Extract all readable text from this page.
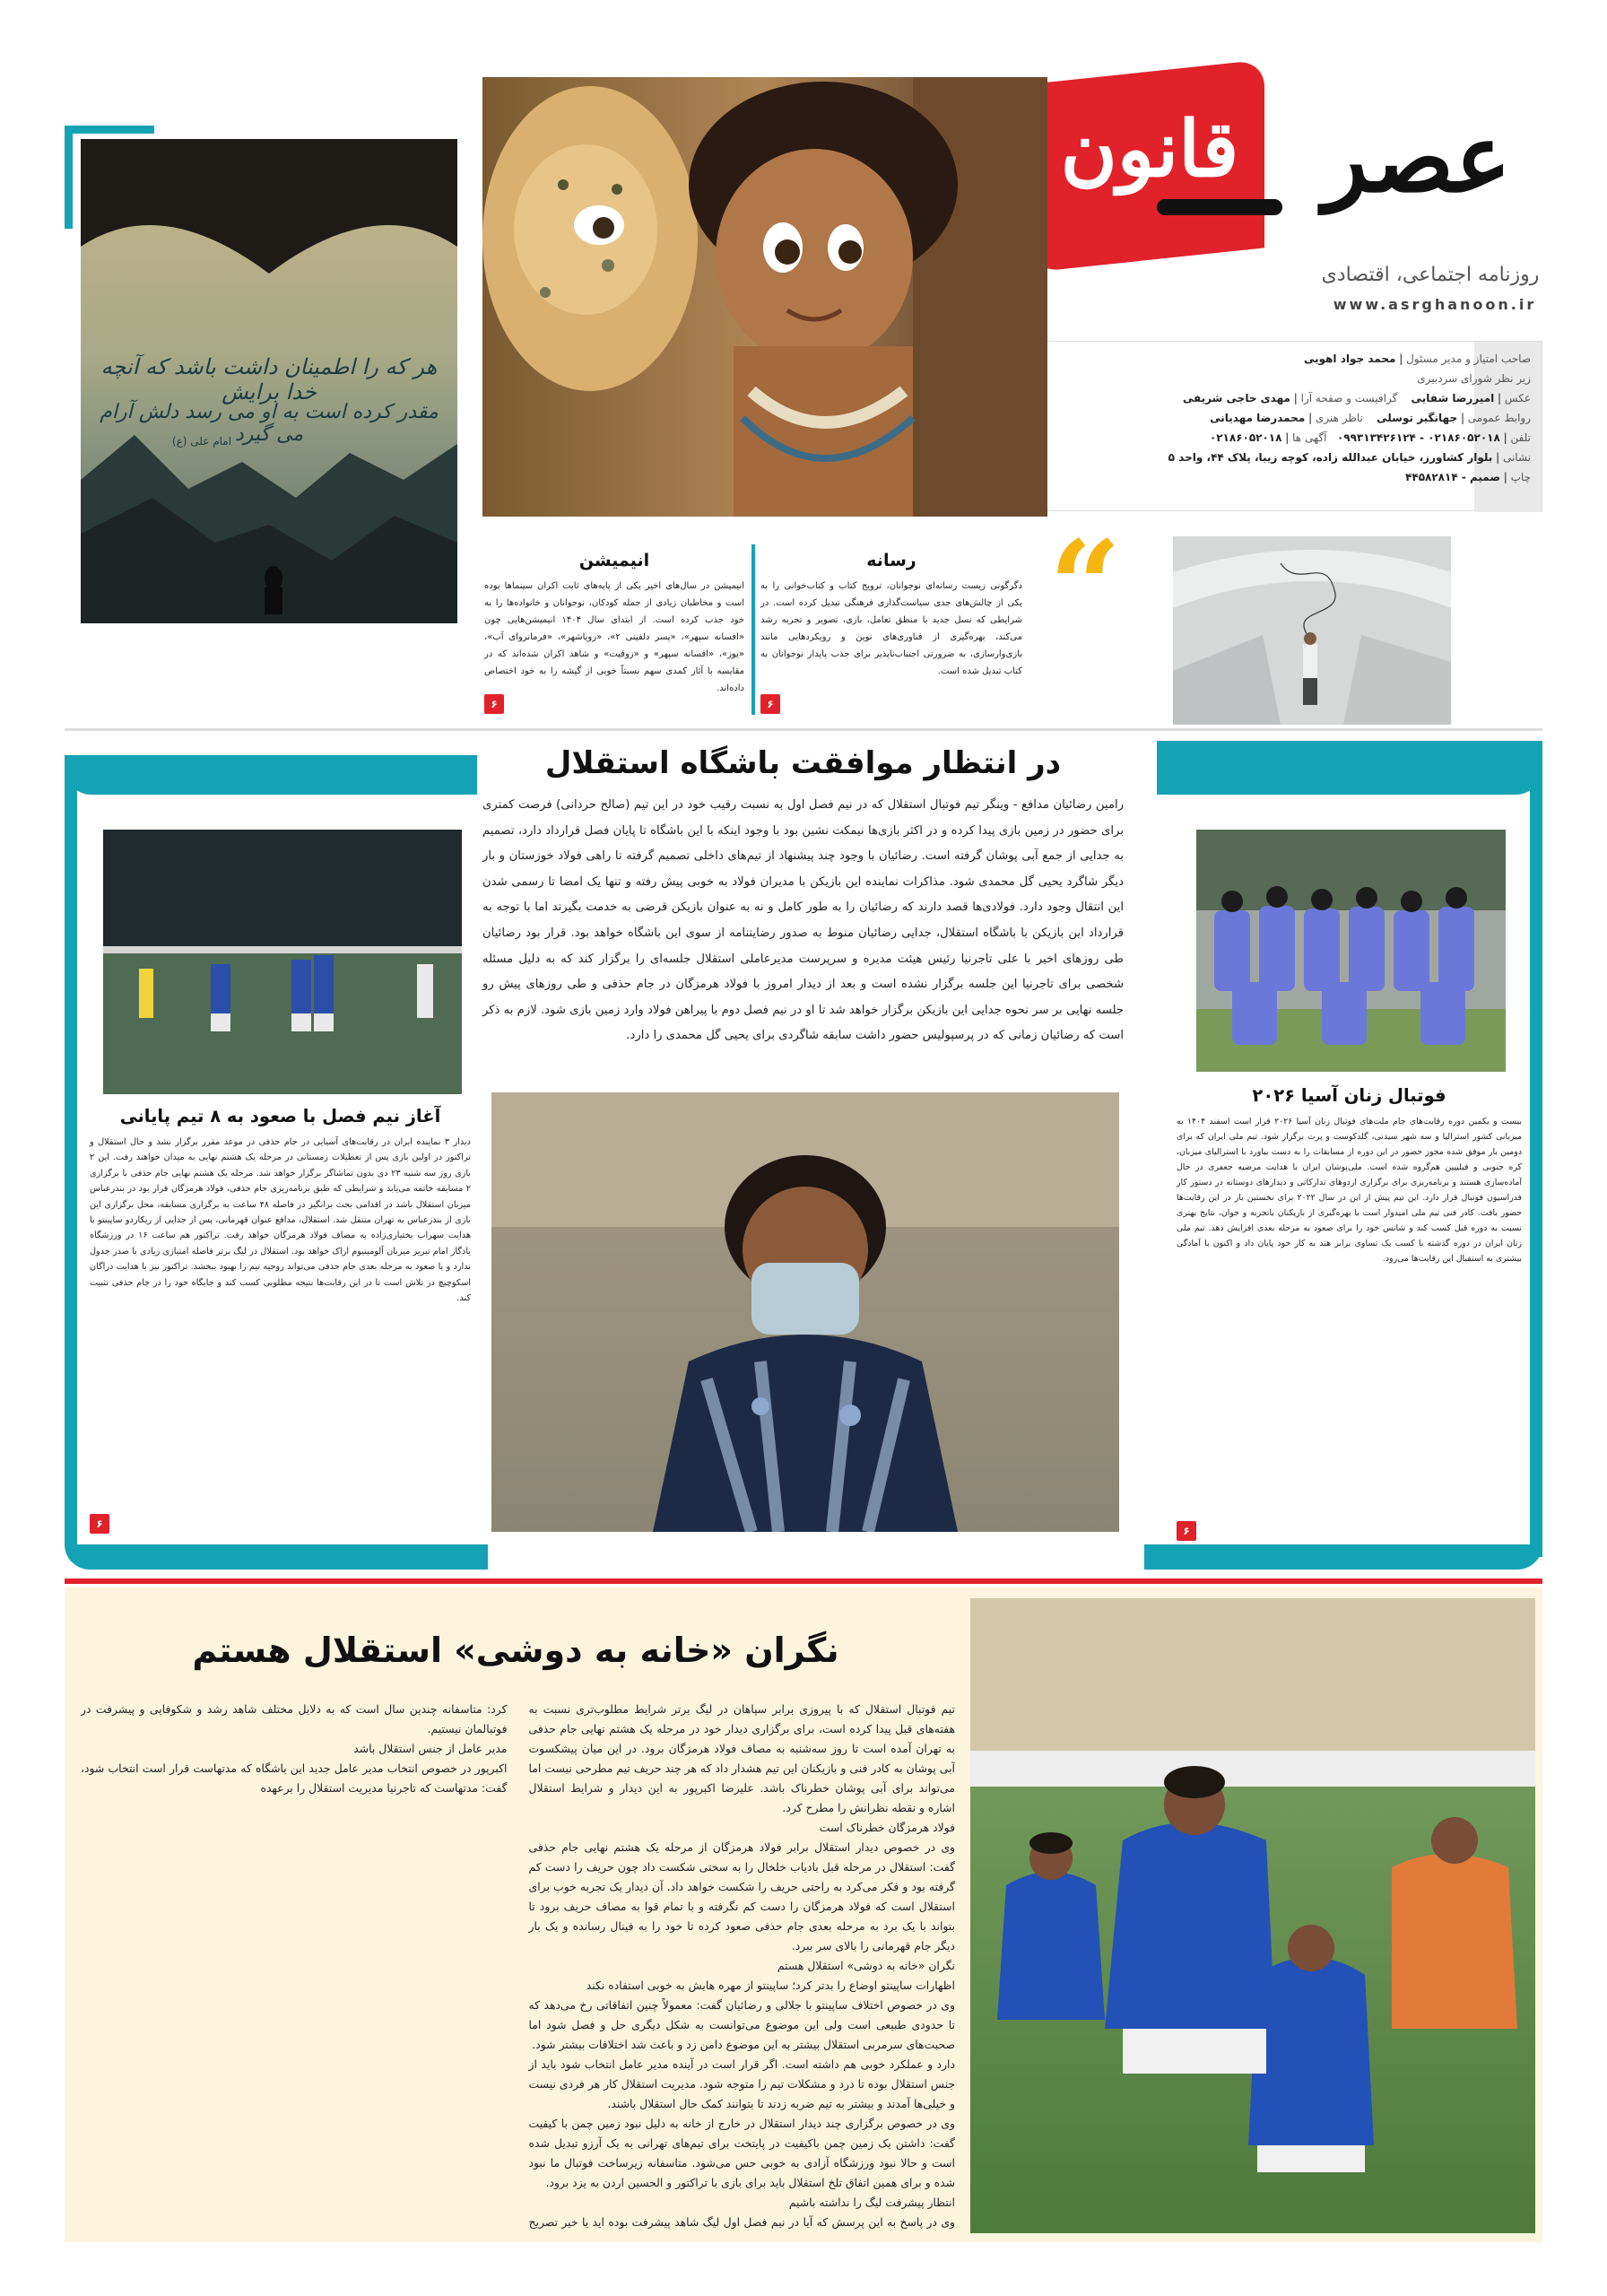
قانون عصر
روزنامه اجتماعی، اقتصادی
www.asrghanoon.ir
صاحب امتیاز و مدیر مسئول | محمد جواد اهویی
زیر نظر شورای سردبیری
عکس | امیررضا شفایی    گرافیست و صفحه آرا | مهدی حاجی شریفی
روابط عمومی | جهانگیر توسلی    ناظر هنری | محمدرضا مهدیانی
تلفن | ۰۲۱۸۶۰۵۲۰۱۸ - ۰۹۹۳۱۳۴۲۶۱۲۴   آگهی ها | ۰۲۱۸۶۰۵۲۰۱۸
نشانی | بلوار کشاورز، خیابان عبدالله زاده، کوچه زیبا، پلاک ۴۴، واحد ۵
چاپ | صمیم - ۴۴۵۸۲۸۱۴
هر که را اطمینان داشت باشد که آنچه خدا برایش
مقدر کرده است به او می رسد دلش آرام می گیرد
امام علی (ع)
“
رسانه
دگرگونی زیست رسانه‌ای نوجوانان، ترویج کتاب و کتاب‌خوانی را به یکی از چالش‌های جدی سیاست‌گذاری فرهنگی تبدیل کرده است. در شرایطی که نسل جدید با منطق تعامل، بازی، تصویر و تجربه رشد می‌کند، بهره‌گیری از فناوری‌های نوین و رویکردهایی مانند بازی‌وارسازی، به ضرورتی اجتناب‌ناپذیر برای جذب پایدار نوجوانان به کتاب تبدیل شده است.
۶
انیمیشن
انیمیشن در سال‌های اخیر یکی از پایه‌های ثابت اکران سینماها بوده است و مخاطبان زیادی از جمله کودکان، نوجوانان و خانواده‌ها را به خود جذب کرده است. از ابتدای سال ۱۴۰۴ انیمیشن‌هایی چون «افسانه سپهر»، «پسر دلفینی ۲»، «رویاشهر»، «فرمانروای آب»، «یوز»، «افسانه سپهر» و «زوفیت» و شاهد اکران شده‌اند که در مقایسه با آثار کمدی سهم نسبتاً خوبی از گیشه را به خود اختصاص داده‌اند.
۶
در انتظار موافقت باشگاه استقلال
رامین رضائیان مدافع - وینگر تیم فوتبال استقلال که در نیم فصل اول به نسبت رقیب خود در این تیم (صالح حردانی) فرصت کمتری برای حضور در زمین بازی پیدا کرده و در اکثر بازی‌ها نیمکت نشین بود با وجود اینکه با این باشگاه تا پایان فصل قرارداد دارد، تصمیم به جدایی از جمع آبی پوشان گرفته است. رضائیان با وجود چند پیشنهاد از تیم‌های داخلی تصمیم گرفته تا راهی فولاد خوزستان و بار دیگر شاگرد یحیی گل محمدی شود. مذاکرات نماینده این بازیکن با مدیران فولاد به خوبی پیش رفته و تنها یک امضا تا رسمی شدن این انتقال وجود دارد. فولادی‌ها قصد دارند که رضائیان را به طور کامل و نه به عنوان بازیکن قرضی به خدمت بگیرند اما با توجه به قرارداد این بازیکن با باشگاه استقلال، جدایی رضائیان منوط به صدور رضایتنامه از سوی این باشگاه خواهد بود. قرار بود رضائیان طی روزهای اخیر با علی تاجرنیا رئیس هیئت مدیره و سرپرست مدیرعاملی استقلال جلسه‌ای را برگزار کند که به دلیل مسئله شخصی برای تاجرنیا این جلسه برگزار نشده است و بعد از دیدار امروز با فولاد هرمزگان در جام حذفی و طی روزهای پیش رو جلسه نهایی بر سر نحوه جدایی این بازیکن برگزار خواهد شد تا او در نیم فصل دوم با پیراهن فولاد وارد زمین بازی شود. لازم به ذکر است که رضائیان زمانی که در پرسپولیس حضور داشت سابقه شاگردی برای یحیی گل محمدی را دارد.
آغاز نیم فصل با صعود به ۸ تیم پایانی
دیدار ۳ نماینده ایران در رقابت‌های آسیایی در جام حذفی در موعد مقرر برگزار نشد و حال استقلال و تراکتور در اولین بازی پس از تعطیلات زمستانی در مرحله یک هشتم نهایی به میدان خواهند رفت. این ۲ بازی روز سه شنبه ۲۳ دی بدون تماشاگر برگزار خواهد شد. مرحله یک هشتم نهایی جام حذفی با برگزاری ۲ مسابقه خاتمه می‌یابد و شرایطی که طبق برنامه‌ریزی جام حذفی، فولاد هرمزگان قرار بود در بندرعباس میزبان استقلال باشد در اقدامی بحث برانگیز در فاصله ۴۸ ساعت به برگزاری مسابقه، محل برگزاری این بازی از بندرعباس به تهران منتقل شد. استقلال، مدافع عنوان قهرمانی، پس از جدایی از ریکاردو ساپینتو با هدایت سهراب بختیاری‌زاده به مصاف فولاد هرمزگان خواهد رفت. تراکتور هم ساعت ۱۶ در ورزشگاه یادگار امام تبریز میزبان آلومینیوم اراک خواهد بود. استقلال در لیگ برتر فاصله امتیازی زیادی با صدر جدول ندارد و با صعود به مرحله بعدی جام حذفی می‌تواند روحیه تیم را بهبود ببخشد. تراکتور نیز با هدایت دراگان اسکوچیچ در تلاش است تا در این رقابت‌ها نتیجه مطلوبی کسب کند و جایگاه خود را در جام حذفی تثبیت کند.
۶
فوتبال زنان آسیا ۲۰۲۶
بیست و یکمین دوره رقابت‌های جام ملت‌های فوتبال زنان آسیا ۲۰۲۶ قرار است اسفند ۱۴۰۴ به میزبانی کشور استرالیا و سه شهر سیدنی، گلدکوست و پرت برگزار شود. تیم ملی ایران که برای دومین بار موفق شده مجوز حضور در این دوره از مسابقات را به دست بیاورد با استرالیای میزبان، کره جنوبی و فیلیپین هم‌گروه شده است. ملی‌پوشان ایران با هدایت مرضیه جعفری در حال آماده‌سازی هستند و برنامه‌ریزی برای برگزاری اردوهای تدارکاتی و دیدارهای دوستانه در دستور کار فدراسیون فوتبال قرار دارد. این تیم پیش از این در سال ۲۰۲۲ برای نخستین بار در این رقابت‌ها حضور یافت. کادر فنی تیم ملی امیدوار است با بهره‌گیری از بازیکنان باتجربه و جوان، نتایج بهتری نسبت به دوره قبل کسب کند و شانس خود را برای صعود به مرحله بعدی افزایش دهد. تیم ملی زنان ایران در دوره گذشته با کسب یک تساوی برابر هند به کار خود پایان داد و اکنون با آمادگی بیشتری به استقبال این رقابت‌ها می‌رود.
۶
نگران «خانه به دوشی» استقلال هستم
تیم فوتبال استقلال که با پیروزی برابر سپاهان در لیگ برتر شرایط مطلوب‌تری نسبت به هفته‌های قبل پیدا کرده است، برای برگزاری دیدار خود در مرحله یک هشتم نهایی جام حذفی به تهران آمده است تا روز سه‌شنبه به مصاف فولاد هرمزگان برود. در این میان پیشکسوت آبی پوشان به کادر فنی و بازیکنان این تیم هشدار داد که هر چند حریف تیم مطرحی نیست اما می‌تواند برای آبی پوشان خطرناک باشد. علیرضا اکبرپور به این دیدار و شرایط استقلال اشاره و نقطه نظرانش را مطرح کرد.
فولاد هرمزگان خطرناک است
وی در خصوص دیدار استقلال برابر فولاد هرمزگان از مرحله یک هشتم نهایی جام حذفی گفت: استقلال در مرحله قبل بادیاب خلخال را به سختی شکست داد چون حریف را دست کم گرفته بود و فکر می‌کرد به راحتی حریف را شکست خواهد داد. آن دیدار یک تجربه خوب برای استقلال است که فولاد هرمزگان را دست کم نگرفته و با تمام قوا به مصاف حریف برود تا بتواند با یک برد به مرحله بعدی جام حذفی صعود کرده تا خود را به فینال رسانده و یک بار دیگر جام قهرمانی را بالای سر ببرد.
نگران «خانه به دوشی» استقلال هستم
اظهارات ساپینتو اوضاع را بدتر کرد؛ ساپینتو از مهره هایش به خوبی استفاده نکند
وی در خصوص اختلاف ساپینتو با جلالی و رضائیان گفت: معمولاً چنین اتفاقاتی رخ می‌دهد که تا حدودی طبیعی است ولی این موضوع می‌توانست به شکل دیگری حل و فصل شود اما صحبت‌های سرمربی استقلال بیشتر به این موضوع دامن زد و باعث شد اختلافات بیشتر شود.
دارد و عملکرد خوبی هم داشته است. اگر قرار است در آینده مدیر عامل انتخاب شود باید از جنس استقلال بوده تا درد و مشکلات تیم را متوجه شود. مدیریت استقلال کار هر فردی نیست و خیلی‌ها آمدند و بیشتر به تیم ضربه زدند تا بتوانند کمک حال استقلال باشند.
وی در خصوص برگزاری چند دیدار استقلال در خارج از خانه به دلیل نبود زمین چمن با کیفیت گفت: داشتن یک زمین چمن باکیفیت در پایتخت برای تیم‌های تهرانی به یک آرزو تبدیل شده است و حالا نبود ورزشگاه آزادی به خوبی حس می‌شود. متاسفانه زیرساخت فوتبال ما نبود شده و برای همین اتفاق تلخ استقلال باید برای بازی با تراکتور و الحسین اردن به یزد برود.
انتظار پیشرفت لیگ را نداشته باشیم
وی در پاسخ به این پرسش که آیا در نیم فصل اول لیگ شاهد پیشرفت بوده اید یا خیر تصریح کرد: متاسفانه چندین سال است که به دلایل مختلف شاهد رشد و شکوفایی و پیشرفت در فوتبالمان نیستیم.
مدیر عامل از جنس استقلال باشد
اکبرپور در خصوص انتخاب مدیر عامل جدید این باشگاه که مدتهاست قرار است انتخاب شود، گفت: مدتهاست که تاجرنیا مدیریت استقلال را برعهده
